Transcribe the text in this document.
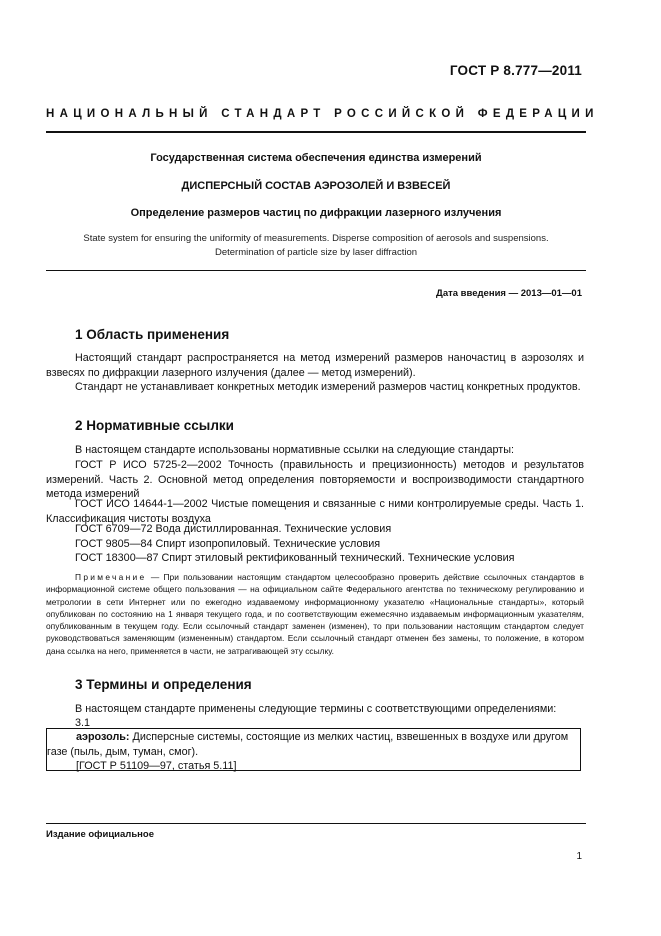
ГОСТ Р 8.777—2011
НАЦИОНАЛЬНЫЙ СТАНДАРТ РОССИЙСКОЙ ФЕДЕРАЦИИ
Государственная система обеспечения единства измерений
ДИСПЕРСНЫЙ СОСТАВ АЭРОЗОЛЕЙ И ВЗВЕСЕЙ
Определение размеров частиц по дифракции лазерного излучения
State system for ensuring the uniformity of measurements. Disperse composition of aerosols and suspensions.
Determination of particle size by laser diffraction
Дата введения — 2013—01—01
1 Область применения
Настоящий стандарт распространяется на метод измерений размеров наночастиц в аэрозолях и взвесях по дифракции лазерного излучения (далее — метод измерений).
Стандарт не устанавливает конкретных методик измерений размеров частиц конкретных продуктов.
2 Нормативные ссылки
В настоящем стандарте использованы нормативные ссылки на следующие стандарты:
ГОСТ Р ИСО 5725-2—2002 Точность (правильность и прецизионность) методов и результатов измерений. Часть 2. Основной метод определения повторяемости и воспроизводимости стандартного метода измерений
ГОСТ ИСО 14644-1—2002 Чистые помещения и связанные с ними контролируемые среды. Часть 1. Классификация чистоты воздуха
ГОСТ 6709—72 Вода дистиллированная. Технические условия
ГОСТ 9805—84 Спирт изопропиловый. Технические условия
ГОСТ 18300—87 Спирт этиловый ректификованный технический. Технические условия
Примечание — При пользовании настоящим стандартом целесообразно проверить действие ссылочных стандартов в информационной системе общего пользования — на официальном сайте Федерального агентства по техническому регулированию и метрологии в сети Интернет или по ежегодно издаваемому информационному указателю «Национальные стандарты», который опубликован по состоянию на 1 января текущего года, и по соответствующим ежемесячно издаваемым информационным указателям, опубликованным в текущем году. Если ссылочный стандарт заменен (изменен), то при пользовании настоящим стандартом следует руководствоваться заменяющим (измененным) стандартом. Если ссылочный стандарт отменен без замены, то положение, в котором дана ссылка на него, применяется в части, не затрагивающей эту ссылку.
3 Термины и определения
В настоящем стандарте применены следующие термины с соответствующими определениями:
3.1
аэрозоль: Дисперсные системы, состоящие из мелких частиц, взвешенных в воздухе или другом газе (пыль, дым, туман, смог).
[ГОСТ Р 51109—97, статья 5.11]
Издание официальное
1
